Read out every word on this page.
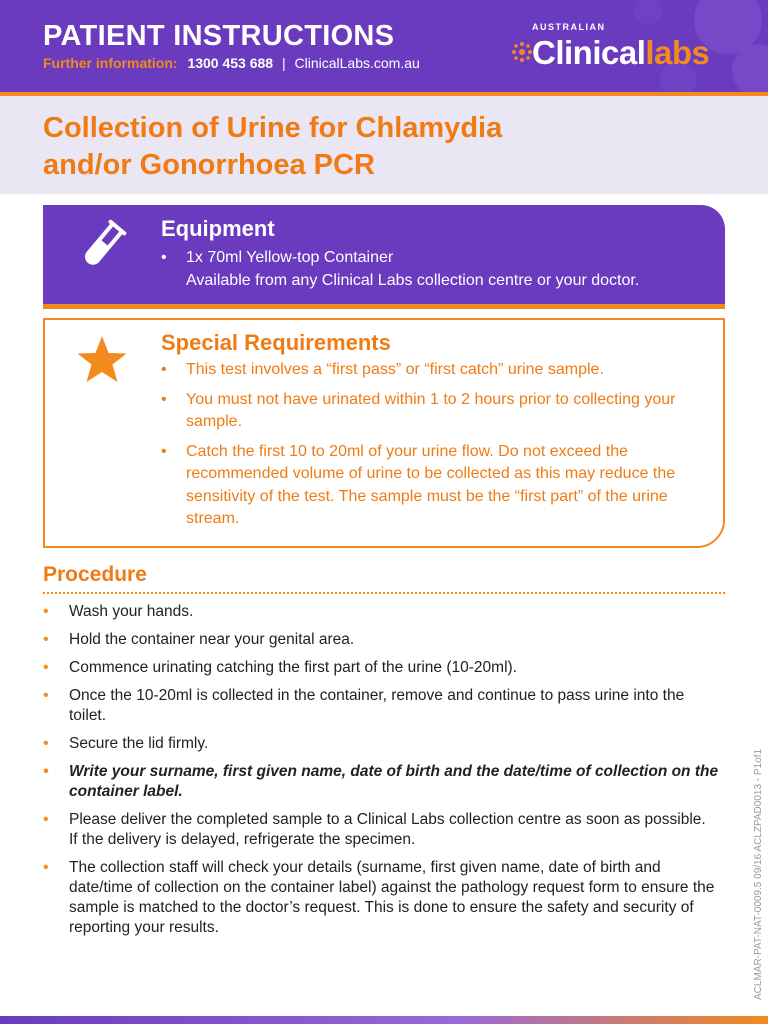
PATIENT INSTRUCTIONS
Further information: 1300 453 688 | ClinicalLabs.com.au
AUSTRALIAN
Clinicallabs
Collection of Urine for Chlamydia
and/or Gonorrhoea PCR
Equipment
• 1x 70ml Yellow-top Container
Available from any Clinical Labs collection centre or your doctor.
Special Requirements
• This test involves a “first pass” or “first catch” urine sample.
• You must not have urinated within 1 to 2 hours prior to collecting your sample.
• Catch the first 10 to 20ml of your urine flow. Do not exceed the recommended volume of urine to be collected as this may reduce the sensitivity of the test. The sample must be the “first part” of the urine stream.
Procedure
• Wash your hands.
• Hold the container near your genital area.
• Commence urinating catching the first part of the urine (10-20ml).
• Once the 10-20ml is collected in the container, remove and continue to pass urine into the toilet.
• Secure the lid firmly.
• Write your surname, first given name, date of birth and the date/time of collection on the container label.
• Please deliver the completed sample to a Clinical Labs collection centre as soon as possible.
If the delivery is delayed, refrigerate the specimen.
• The collection staff will check your details (surname, first given name, date of birth and date/time of collection on the container label) against the pathology request form to ensure the sample is matched to the doctor’s request. This is done to ensure the safety and security of reporting your results.	ACLMAR-PAT-NAT-0009.5 09/16 ACLZPAD0013 - P1of1
